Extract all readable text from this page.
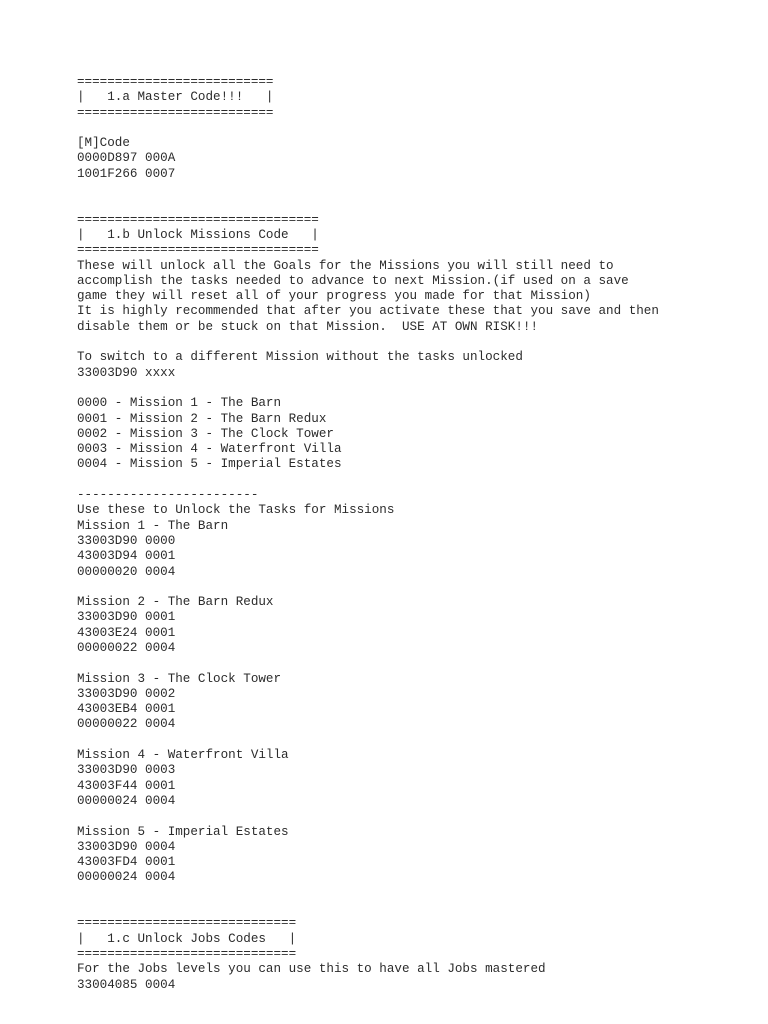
==========================
|   1.a Master Code!!!   |
==========================
[M]Code
0000D897 000A
1001F266 0007
================================
|   1.b Unlock Missions Code   |
================================
These will unlock all the Goals for the Missions you will still need to
accomplish the tasks needed to advance to next Mission.(if used on a save
game they will reset all of your progress you made for that Mission)
It is highly recommended that after you activate these that you save and then
disable them or be stuck on that Mission.  USE AT OWN RISK!!!
To switch to a different Mission without the tasks unlocked
33003D90 xxxx
0000 - Mission 1 - The Barn
0001 - Mission 2 - The Barn Redux
0002 - Mission 3 - The Clock Tower
0003 - Mission 4 - Waterfront Villa
0004 - Mission 5 - Imperial Estates
------------------------
Use these to Unlock the Tasks for Missions
Mission 1 - The Barn
33003D90 0000
43003D94 0001
00000020 0004
Mission 2 - The Barn Redux
33003D90 0001
43003E24 0001
00000022 0004
Mission 3 - The Clock Tower
33003D90 0002
43003EB4 0001
00000022 0004
Mission 4 - Waterfront Villa
33003D90 0003
43003F44 0001
00000024 0004
Mission 5 - Imperial Estates
33003D90 0004
43003FD4 0001
00000024 0004
=============================
|   1.c Unlock Jobs Codes   |
=============================
For the Jobs levels you can use this to have all Jobs mastered
33004085 0004
